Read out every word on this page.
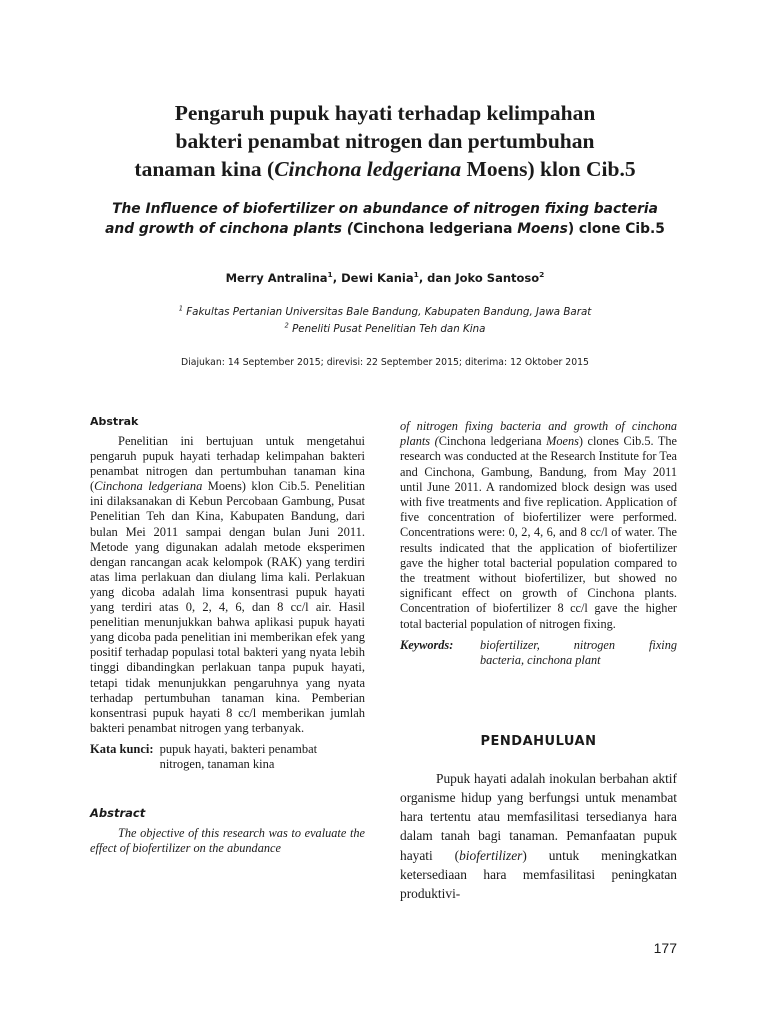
Pengaruh pupuk hayati terhadap kelimpahan
bakteri penambat nitrogen dan pertumbuhan
tanaman kina (Cinchona ledgeriana Moens) klon Cib.5
The Influence of biofertilizer on abundance of nitrogen fixing bacteria
and growth of cinchona plants (Cinchona ledgeriana Moens) clone Cib.5
Merry Antralina$^1$, Dewi Kania$^1$, dan Joko Santoso$^2$
$^1$ Fakultas Pertanian Universitas Bale Bandung, Kabupaten Bandung, Jawa Barat
$^2$ Peneliti Pusat Penelitian Teh dan Kina
Diajukan: 14 September 2015; direvisi: 22 September 2015; diterima: 12 Oktober 2015
Abstrak

Penelitian ini bertujuan untuk mengetahui pengaruh pupuk hayati terhadap kelimpahan bakteri penambat nitrogen dan pertumbuhan tanaman kina (Cinchona ledgeriana Moens) klon Cib.5. Penelitian ini dilaksanakan di Kebun Percobaan Gambung, Pusat Penelitian Teh dan Kina, Kabupaten Bandung, dari bulan Mei 2011 sampai dengan bulan Juni 2011. Metode yang digunakan adalah metode eksperimen dengan rancangan acak kelompok (RAK) yang terdiri atas lima perlakuan dan diulang lima kali. Perlakuan yang dicoba adalah lima konsentrasi pupuk hayati yang terdiri atas 0, 2, 4, 6, dan 8 cc/l air. Hasil penelitian menunjukkan bahwa aplikasi pupuk hayati yang dicoba pada penelitian ini memberikan efek yang positif terhadap populasi total bakteri yang nyata lebih tinggi dibandingkan perlakuan tanpa pupuk hayati, tetapi tidak menunjukkan pengaruhnya yang nyata terhadap pertumbuhan tanaman kina. Pemberian konsentrasi pupuk hayati 8 cc/l memberikan jumlah bakteri penambat nitrogen yang terbanyak.

Kata kunci: pupuk hayati, bakteri penambat nitrogen, tanaman kina
Abstract

The objective of this research was to evaluate the effect of biofertilizer on the abundance

of nitrogen fixing bacteria and growth of cinchona plants (Cinchona ledgeriana Moens) clones Cib.5. The research was conducted at the Research Institute for Tea and Cinchona, Gambung, Bandung, from May 2011 until June 2011. A randomized block design was used with five treatments and five replication. Application of five concentration of biofertilizer were performed. Concentrations were: 0, 2, 4, 6, and 8 cc/l of water. The results indicated that the application of biofertilizer gave the higher total bacterial population compared to the treatment without biofertilizer, but showed no significant effect on growth of Cinchona plants. Concentration of biofertilizer 8 cc/l gave the higher total bacterial population of nitrogen fixing.

Keywords:	biofertilizer, nitrogen fixing
bacteria, cinchona plant
PENDAHULUAN

Pupuk hayati adalah inokulan berbahan aktif organisme hidup yang berfungsi untuk menambat hara tertentu atau memfasilitasi tersedianya hara dalam tanah bagi tanaman. Pemanfaatan pupuk hayati (biofertilizer) untuk meningkatkan ketersediaan hara memfasilitasi peningkatan produktivi-

177
